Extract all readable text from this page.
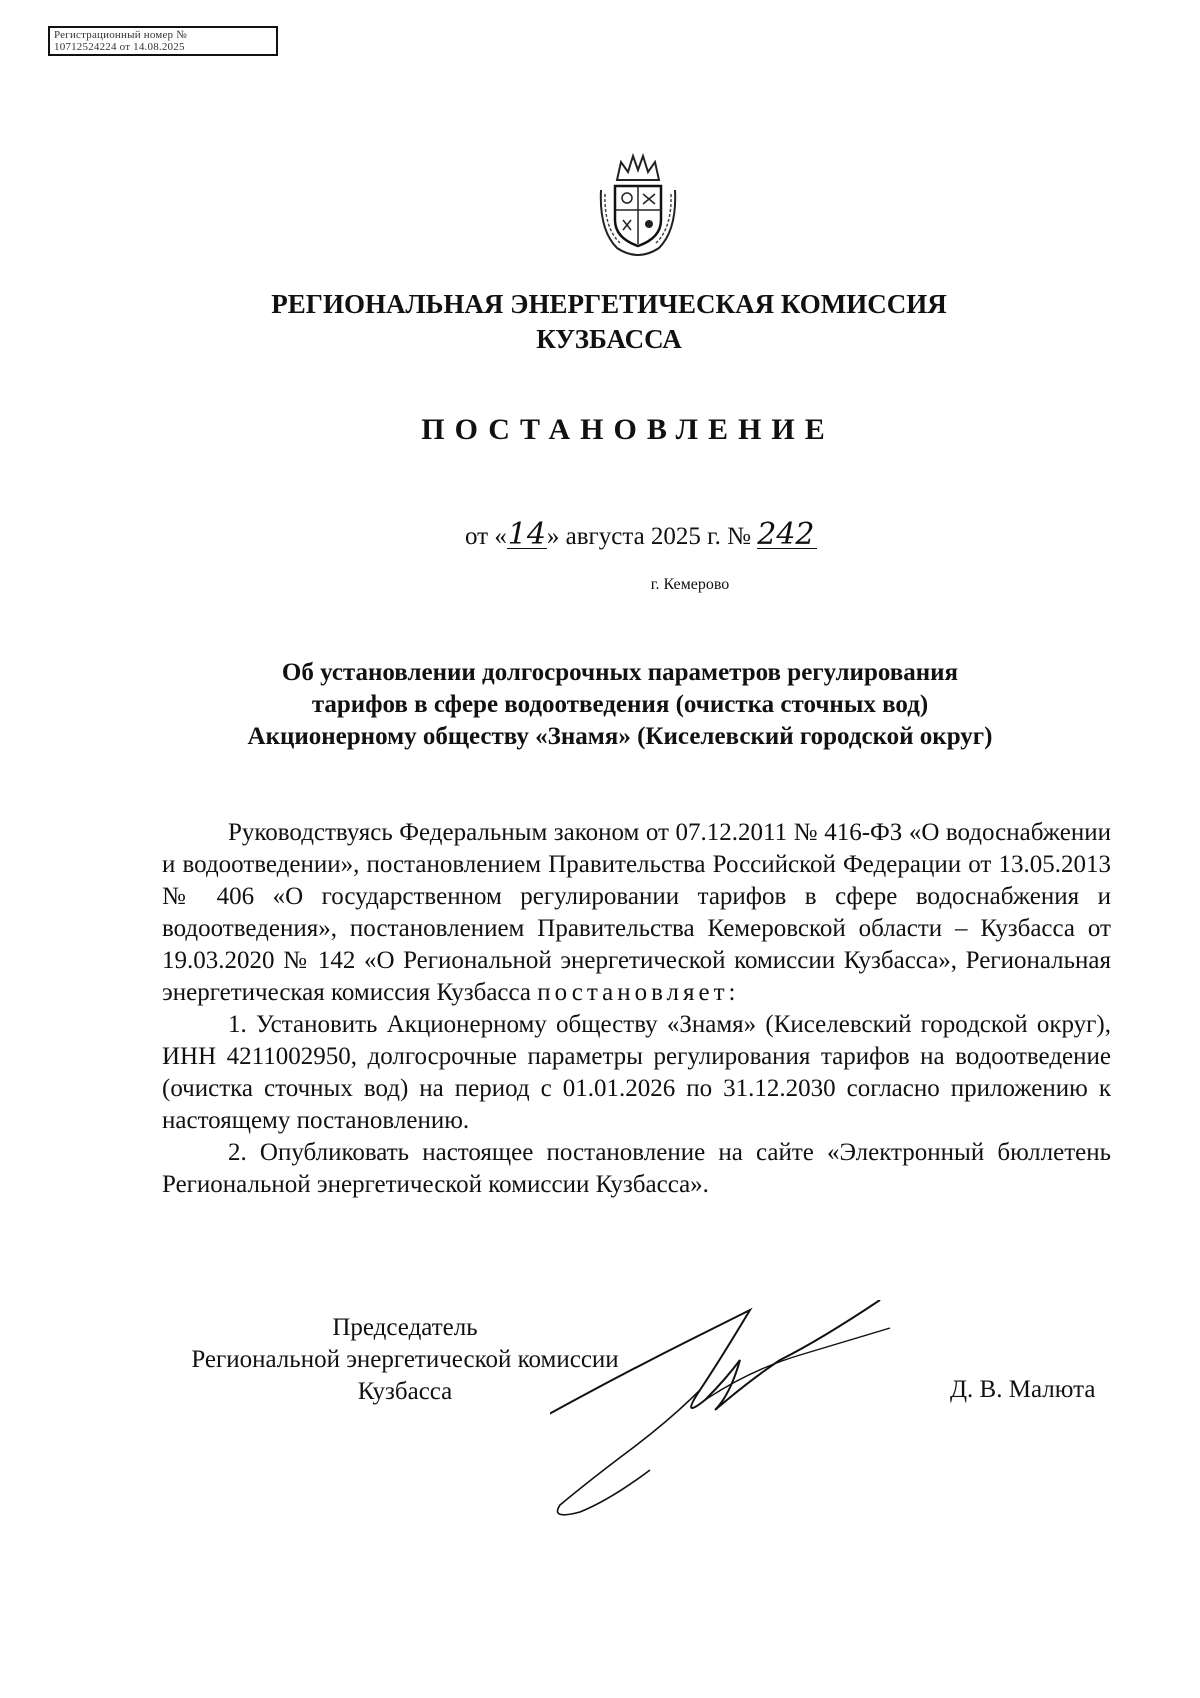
Регистрационный номер №
10712524224 от 14.08.2025
РЕГИОНАЛЬНАЯ ЭНЕРГЕТИЧЕСКАЯ КОМИССИЯ
КУЗБАССА
ПОСТАНОВЛЕНИЕ
от «14» августа 2025 г. № 242
г. Кемерово
Об установлении долгосрочных параметров регулирования
тарифов в сфере водоотведения (очистка сточных вод)
Акционерному обществу «Знамя» (Киселевский городской округ)

Руководствуясь Федеральным законом от 07.12.2011 № 416-ФЗ «О водоснабжении и водоотведении», постановлением Правительства Российской Федерации от 13.05.2013 № 406 «О государственном регулировании тарифов в сфере водоснабжения и водоотведения», постановлением Правительства Кемеровской области – Кузбасса от 19.03.2020 № 142 «О Региональной энергетической комиссии Кузбасса», Региональная энергетическая комиссия Кузбасса постановляет:

1. Установить Акционерному обществу «Знамя» (Киселевский городской округ), ИНН 4211002950, долгосрочные параметры регулирования тарифов на водоотведение (очистка сточных вод) на период с 01.01.2026 по 31.12.2030 согласно приложению к настоящему постановлению.

2. Опубликовать настоящее постановление на сайте «Электронный бюллетень Региональной энергетической комиссии Кузбасса».

Председатель
Региональной энергетической комиссии
Кузбасса	Д. В. Малюта
